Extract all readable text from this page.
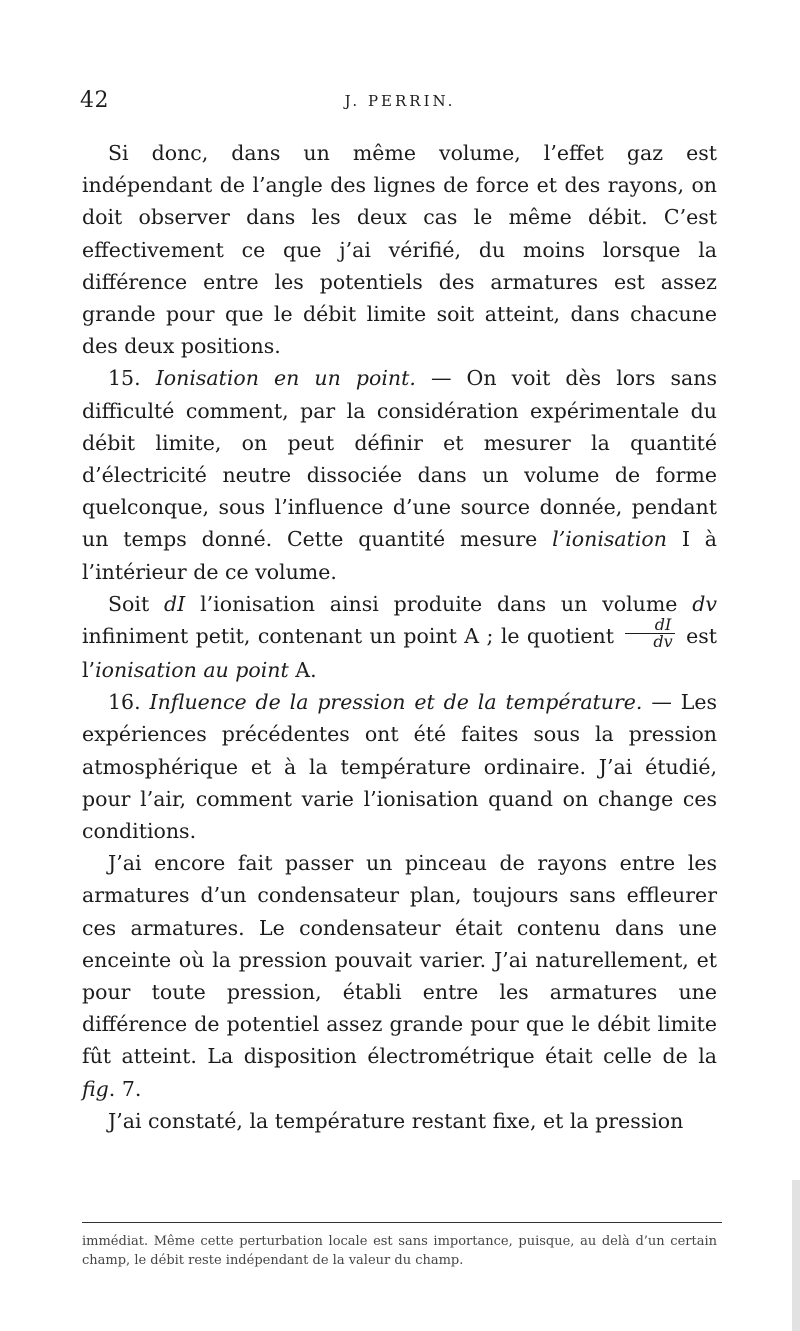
42	J. PERRIN.

Si donc, dans un même volume, l’effet gaz est indépendant de l’angle des lignes de force et des rayons, on doit observer dans les deux cas le même débit. C’est effectivement ce que j’ai vérifié, du moins lorsque la différence entre les potentiels des armatures est assez grande pour que le débit limite soit atteint, dans chacune des deux positions.

15. Ionisation en un point. — On voit dès lors sans difficulté comment, par la considération expérimentale du débit limite, on peut définir et mesurer la quantité d’électricité neutre dissociée dans un volume de forme quelconque, sous l’influence d’une source donnée, pendant un temps donné. Cette quantité mesure l’ionisation I à l’intérieur de ce volume.

Soit dI l’ionisation ainsi produite dans un volume dv infiniment petit, contenant un point A ; le quotient $\frac{dI}{dv}$ est l’ionisation au point A.

16. Influence de la pression et de la température. — Les expériences précédentes ont été faites sous la pression atmosphérique et à la température ordinaire. J’ai étudié, pour l’air, comment varie l’ionisation quand on change ces conditions.

J’ai encore fait passer un pinceau de rayons entre les armatures d’un condensateur plan, toujours sans effleurer ces armatures. Le condensateur était contenu dans une enceinte où la pression pouvait varier. J’ai naturellement, et pour toute pression, établi entre les armatures une différence de potentiel assez grande pour que le débit limite fût atteint. La disposition électrométrique était celle de la fig. 7.

J’ai constaté, la température restant fixe, et la pression

immédiat. Même cette perturbation locale est sans importance, puisque, au delà d’un certain champ, le débit reste indépendant de la valeur du champ.
